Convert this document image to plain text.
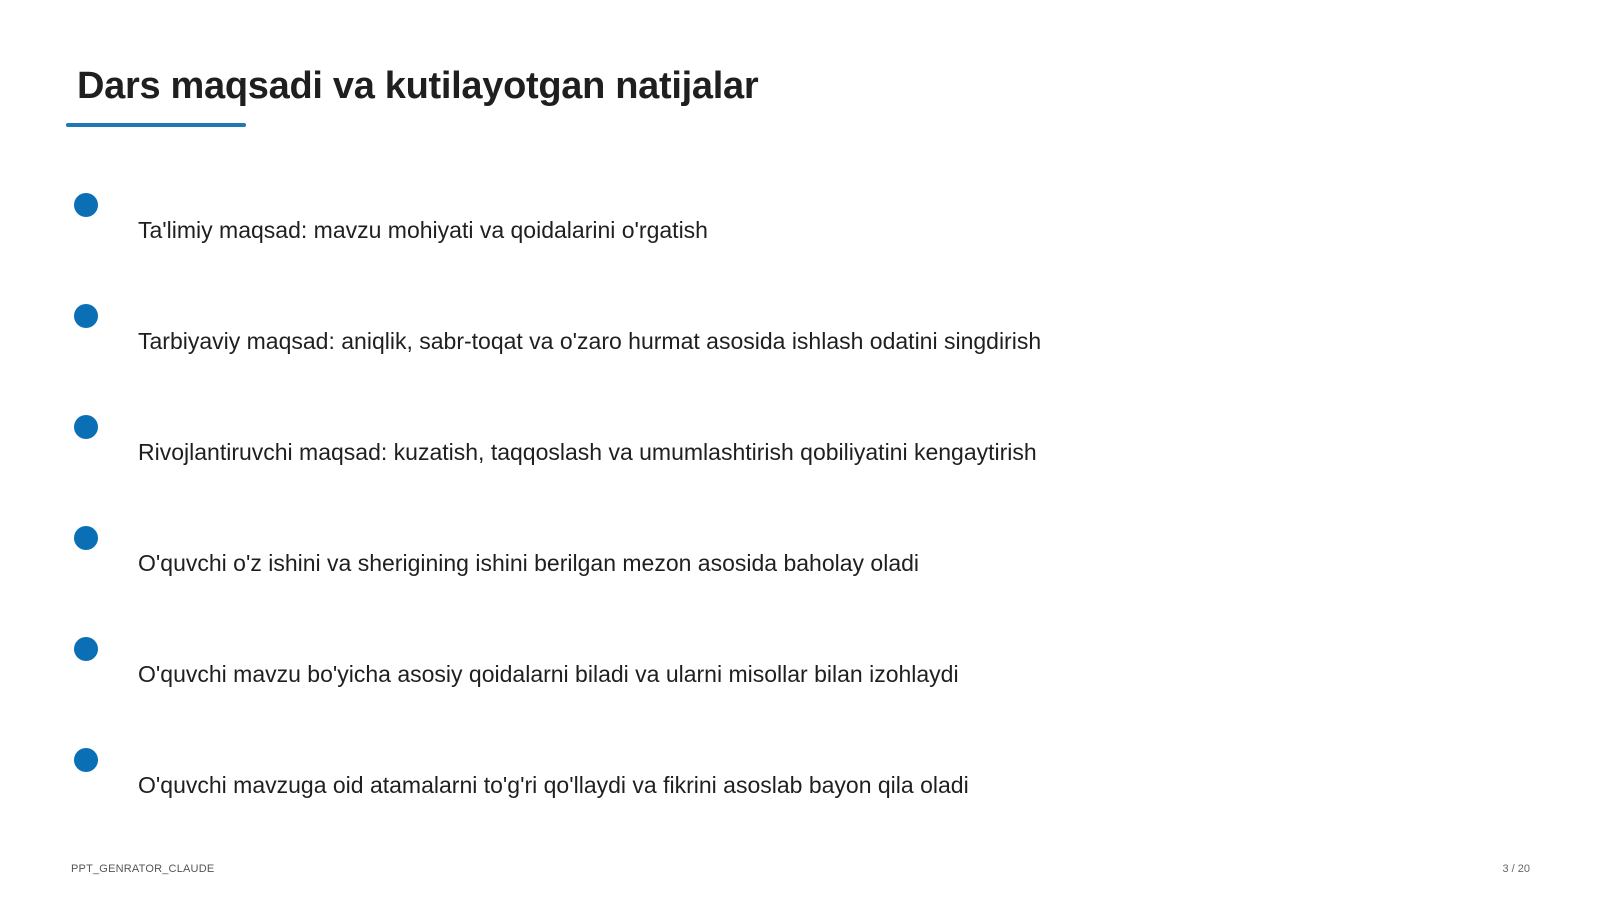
Dars maqsadi va kutilayotgan natijalar
Ta'limiy maqsad: mavzu mohiyati va qoidalarini o'rgatish
Tarbiyaviy maqsad: aniqlik, sabr-toqat va o'zaro hurmat asosida ishlash odatini singdirish
Rivojlantiruvchi maqsad: kuzatish, taqqoslash va umumlashtirish qobiliyatini kengaytirish
O'quvchi o'z ishini va sherigining ishini berilgan mezon asosida baholay oladi
O'quvchi mavzu bo'yicha asosiy qoidalarni biladi va ularni misollar bilan izohlaydi
O'quvchi mavzuga oid atamalarni to'g'ri qo'llaydi va fikrini asoslab bayon qila oladi
PPT_GENRATOR_CLAUDE	3 / 20
